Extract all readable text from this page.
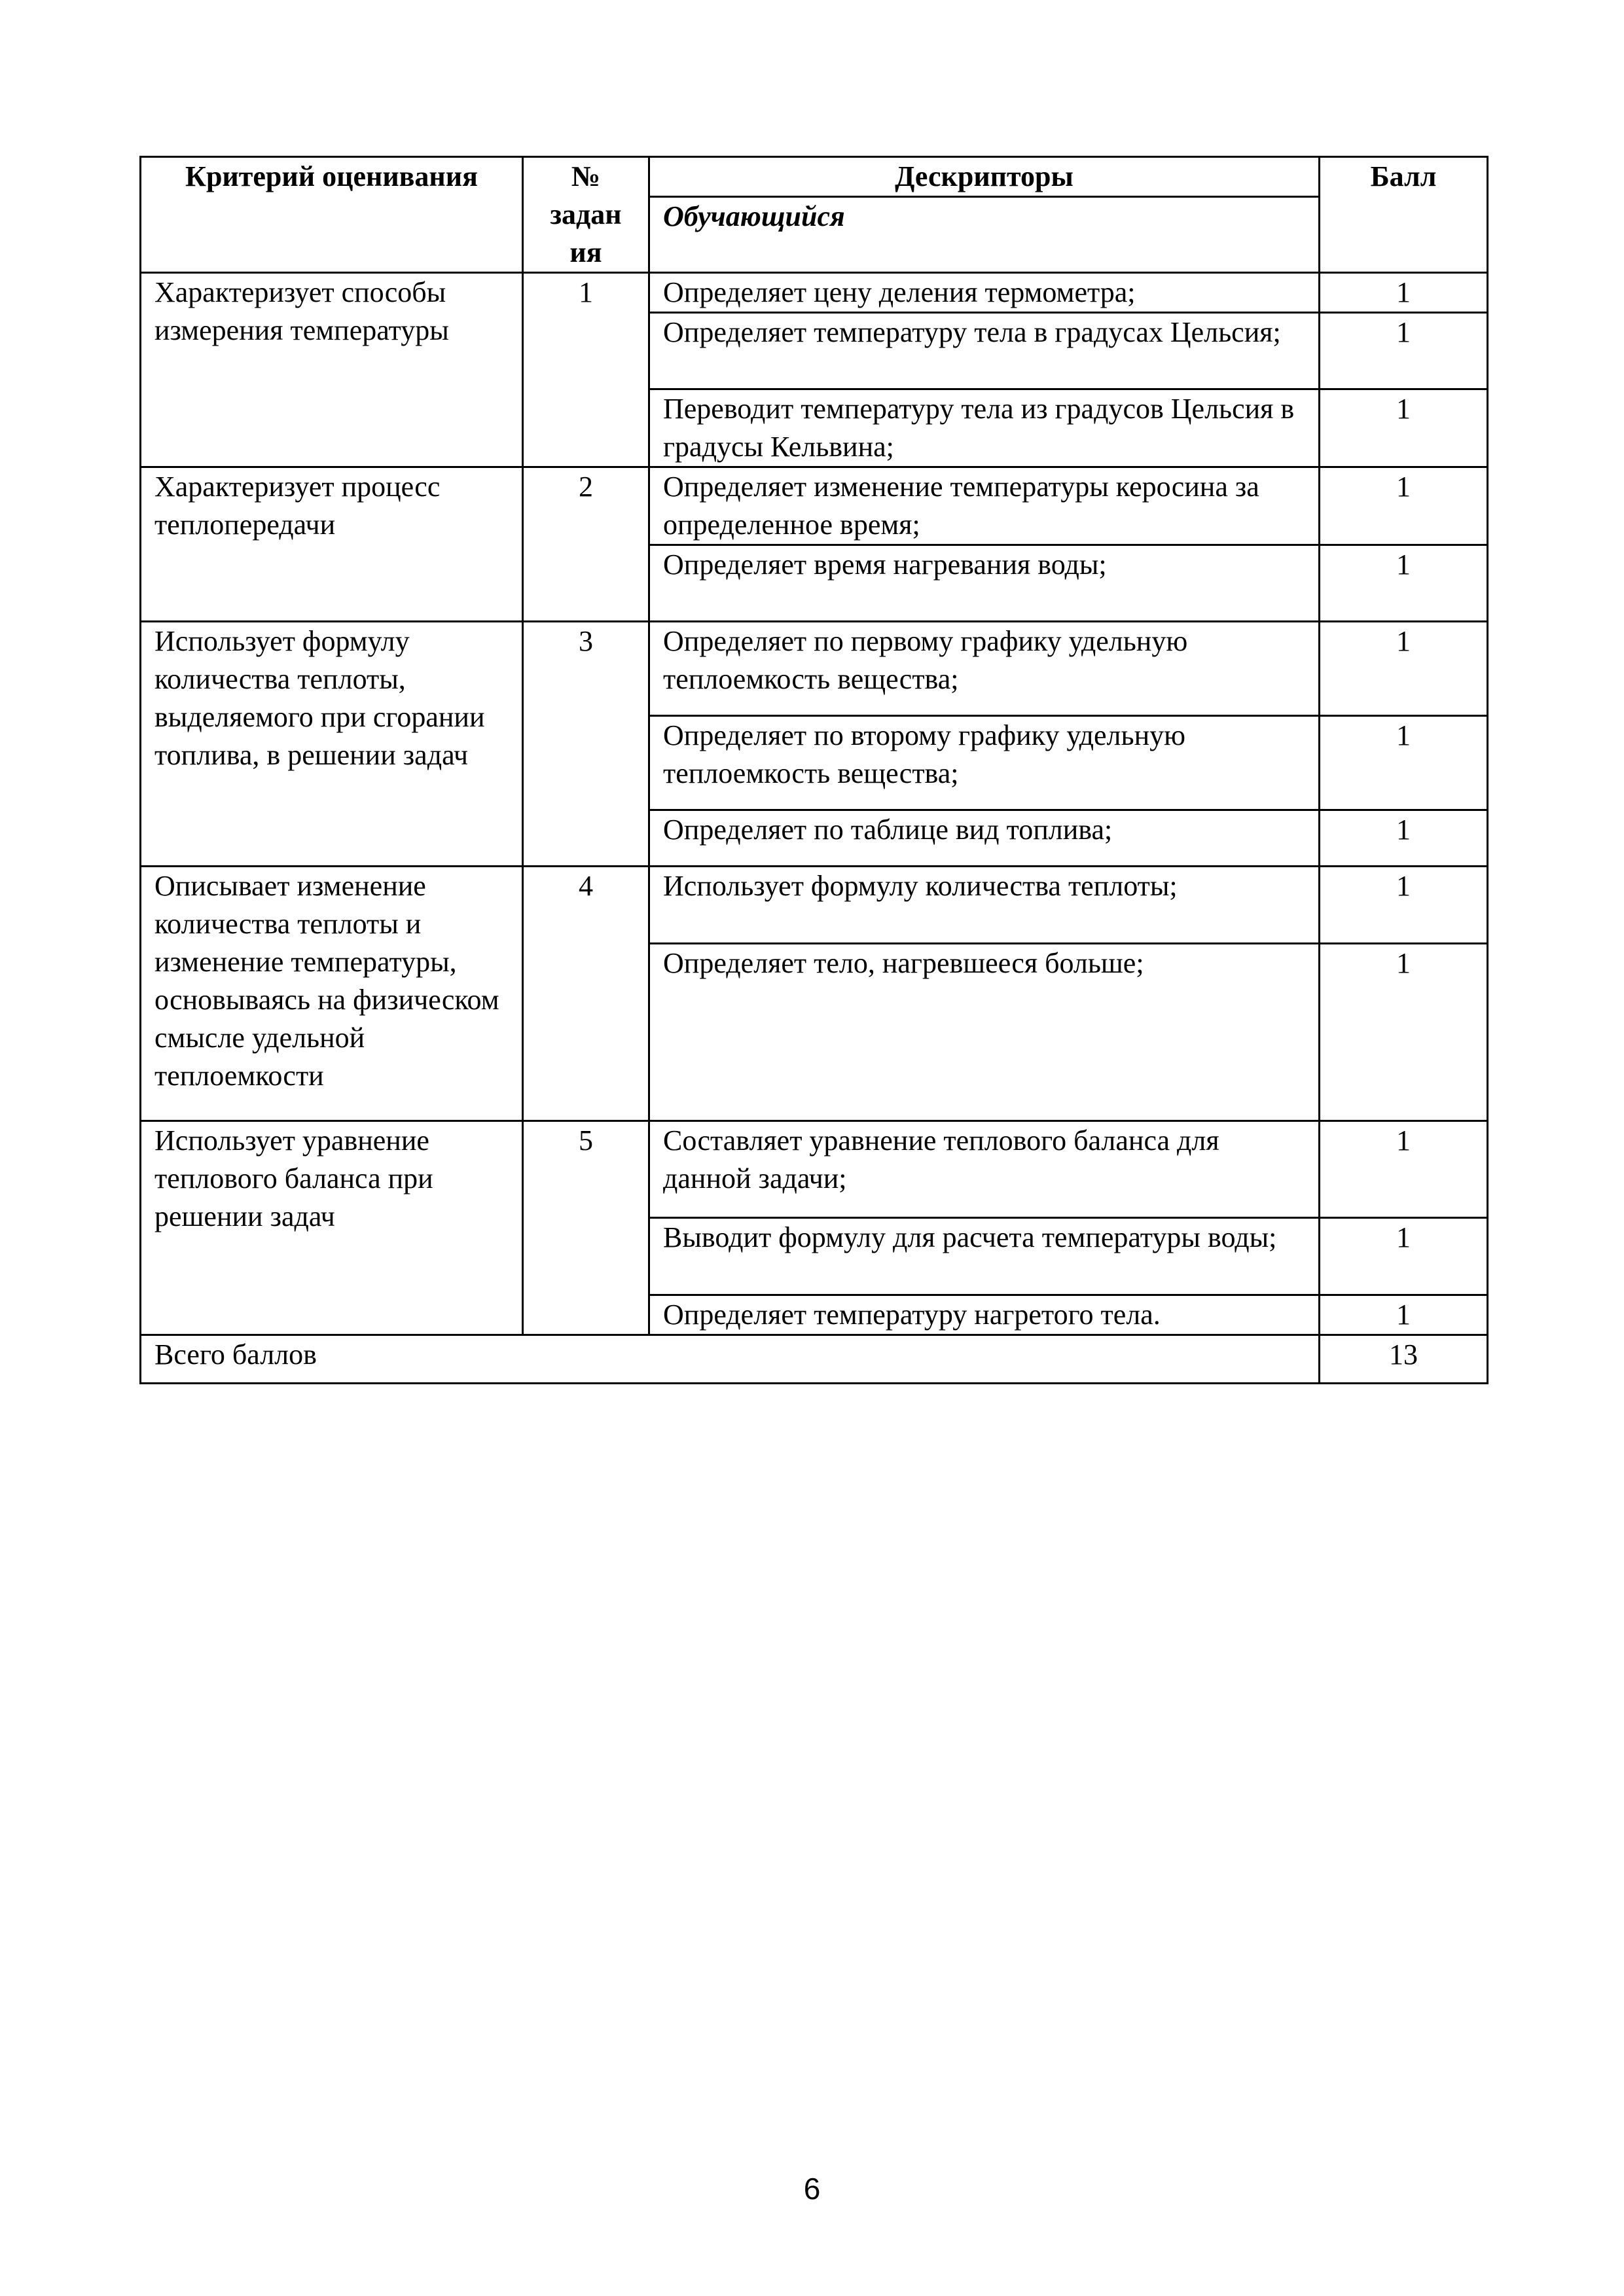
Критерий оценивания	№
задан
ия	Дескрипторы	Балл
		Обучающийся	
Характеризует способы измерения температуры	1	Определяет цену деления термометра;	1
		Определяет температуру тела в градусах Цельсия;	1
		Переводит температуру тела из градусов Цельсия в градусы Кельвина;	1
Характеризует процесс теплопередачи	2	Определяет изменение температуры керосина за определенное время;	1
		Определяет время нагревания воды;	1
Использует формулу количества теплоты, выделяемого при сгорании топлива, в решении задач	3	Определяет по первому графику удельную теплоемкость вещества;	1
		Определяет по второму графику удельную теплоемкость вещества;	1
		Определяет по таблице вид топлива;	1
Описывает изменение количества теплоты и изменение температуры, основываясь на физическом смысле удельной теплоемкости	4	Использует формулу количества теплоты;	1
		Определяет тело, нагревшееся больше;	1
Использует уравнение теплового баланса при решении задач	5	Составляет уравнение теплового баланса для данной задачи;	1
		Выводит формулу для расчета температуры воды;	1
		Определяет температуру нагретого тела.	1
Всего баллов			13
6
